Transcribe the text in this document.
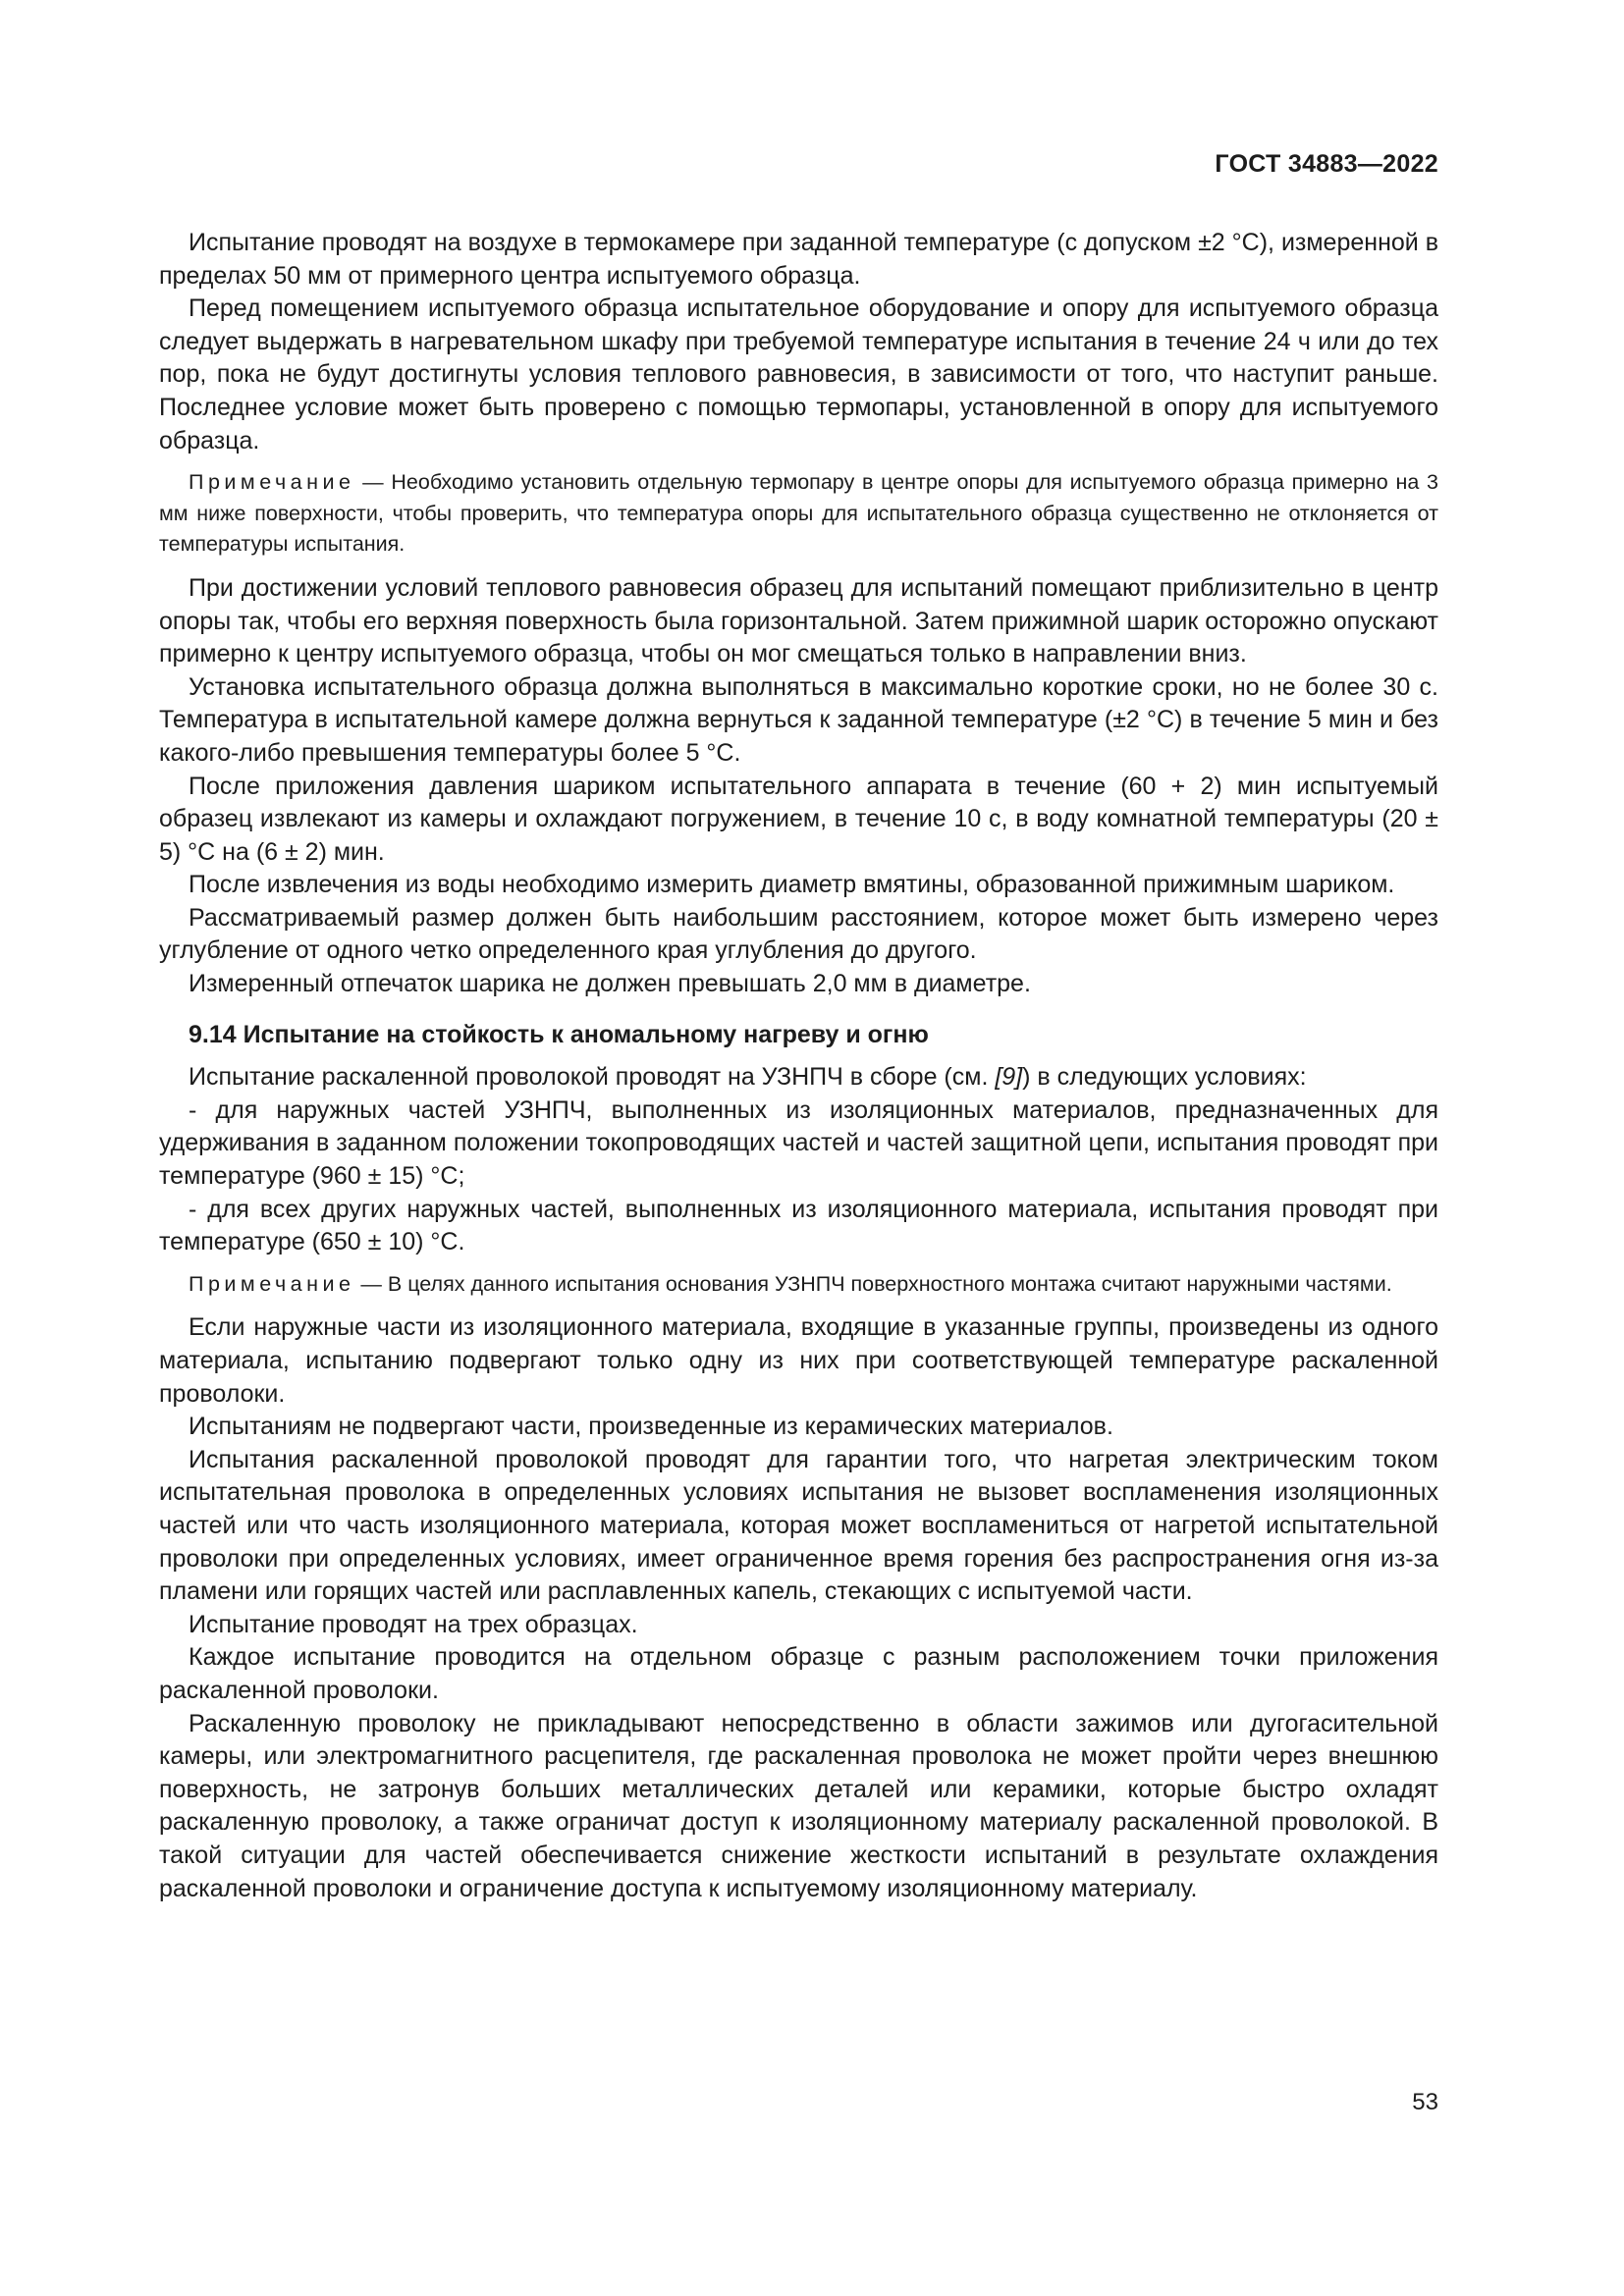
ГОСТ 34883—2022

Испытание проводят на воздухе в термокамере при заданной температуре (с допуском ±2 °С), измеренной в пределах 50 мм от примерного центра испытуемого образца.

Перед помещением испытуемого образца испытательное оборудование и опору для испытуемого образца следует выдержать в нагревательном шкафу при требуемой температуре испытания в течение 24 ч или до тех пор, пока не будут достигнуты условия теплового равновесия, в зависимости от того, что наступит раньше. Последнее условие может быть проверено с помощью термопары, установленной в опору для испытуемого образца.

Примечание — Необходимо установить отдельную термопару в центре опоры для испытуемого образца примерно на 3 мм ниже поверхности, чтобы проверить, что температура опоры для испытательного образца существенно не отклоняется от температуры испытания.

При достижении условий теплового равновесия образец для испытаний помещают приблизительно в центр опоры так, чтобы его верхняя поверхность была горизонтальной. Затем прижимной шарик осторожно опускают примерно к центру испытуемого образца, чтобы он мог смещаться только в направлении вниз.

Установка испытательного образца должна выполняться в максимально короткие сроки, но не более 30 с. Температура в испытательной камере должна вернуться к заданной температуре (±2 °С) в течение 5 мин и без какого-либо превышения температуры более 5 °С.

После приложения давления шариком испытательного аппарата в течение (60 + 2) мин испытуемый образец извлекают из камеры и охлаждают погружением, в течение 10 с, в воду комнатной температуры (20 ± 5) °С на (6 ± 2) мин.

После извлечения из воды необходимо измерить диаметр вмятины, образованной прижимным шариком.

Рассматриваемый размер должен быть наибольшим расстоянием, которое может быть измерено через углубление от одного четко определенного края углубления до другого.

Измеренный отпечаток шарика не должен превышать 2,0 мм в диаметре.

9.14 Испытание на стойкость к аномальному нагреву и огню

Испытание раскаленной проволокой проводят на УЗНПЧ в сборе (см. [9]) в следующих условиях:

- для наружных частей УЗНПЧ, выполненных из изоляционных материалов, предназначенных для удерживания в заданном положении токопроводящих частей и частей защитной цепи, испытания проводят при температуре (960 ± 15) °С;

- для всех других наружных частей, выполненных из изоляционного материала, испытания проводят при температуре (650 ± 10) °С.

Примечание — В целях данного испытания основания УЗНПЧ поверхностного монтажа считают наружными частями.

Если наружные части из изоляционного материала, входящие в указанные группы, произведены из одного материала, испытанию подвергают только одну из них при соответствующей температуре раскаленной проволоки.

Испытаниям не подвергают части, произведенные из керамических материалов.

Испытания раскаленной проволокой проводят для гарантии того, что нагретая электрическим током испытательная проволока в определенных условиях испытания не вызовет воспламенения изоляционных частей или что часть изоляционного материала, которая может воспламениться от нагретой испытательной проволоки при определенных условиях, имеет ограниченное время горения без распространения огня из-за пламени или горящих частей или расплавленных капель, стекающих с испытуемой части.

Испытание проводят на трех образцах.

Каждое испытание проводится на отдельном образце с разным расположением точки приложения раскаленной проволоки.

Раскаленную проволоку не прикладывают непосредственно в области зажимов или дугогасительной камеры, или электромагнитного расцепителя, где раскаленная проволока не может пройти через внешнюю поверхность, не затронув больших металлических деталей или керамики, которые быстро охладят раскаленную проволоку, а также ограничат доступ к изоляционному материалу раскаленной проволокой. В такой ситуации для частей обеспечивается снижение жесткости испытаний в результате охлаждения раскаленной проволоки и ограничение доступа к испытуемому изоляционному материалу.

53
